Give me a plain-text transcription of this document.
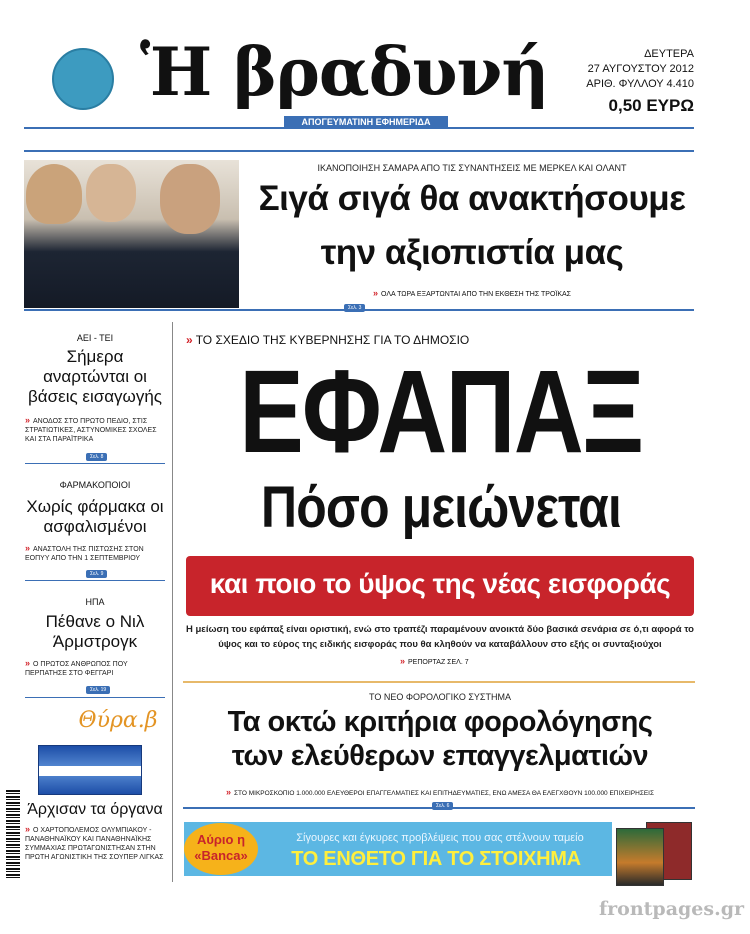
Ἡ βραδυνή
ΑΠΟΓΕΥΜΑΤΙΝΗ ΕΦΗΜΕΡΙΔΑ
ΔΕΥΤΕΡΑ
27 ΑΥΓΟΥΣΤΟΥ 2012
ΑΡΙΘ. ΦΥΛΛΟΥ 4.410
0,50 ΕΥΡΩ
ΙΚΑΝΟΠΟΙΗΣΗ ΣΑΜΑΡΑ ΑΠΟ ΤΙΣ ΣΥΝΑΝΤΗΣΕΙΣ ΜΕ ΜΕΡΚΕΛ ΚΑΙ ΟΛΑΝΤ
Σιγά σιγά θα ανακτήσουμε
την αξιοπιστία μας
» ΟΛΑ ΤΩΡΑ ΕΞΑΡΤΩΝΤΑΙ ΑΠΟ ΤΗΝ ΕΚΘΕΣΗ ΤΗΣ ΤΡΟΪΚΑΣ
Σελ. 3
ΑΕΙ - ΤΕΙ
Σήμερα αναρτώνται οι βάσεις εισαγωγής
» ΑΝΟΔΟΣ ΣΤΟ ΠΡΩΤΟ ΠΕΔΙΟ, ΣΤΙΣ ΣΤΡΑΤΙΩΤΙΚΕΣ, ΑΣΤΥΝΟΜΙΚΕΣ ΣΧΟΛΕΣ ΚΑΙ ΣΤΑ ΠΑΡΑΪΤΡΙΚΑ
Σελ. 8
ΦΑΡΜΑΚΟΠΟΙΟΙ
Χωρίς φάρμακα οι ασφαλισμένοι
» ΑΝΑΣΤΟΛΗ ΤΗΣ ΠΙΣΤΩΣΗΣ ΣΤΟΝ ΕΟΠΥΥ ΑΠΟ ΤΗΝ 1 ΣΕΠΤΕΜΒΡΙΟΥ
Σελ. 9
ΗΠΑ
Πέθανε ο Νιλ Άρμστρογκ
» Ο ΠΡΩΤΟΣ ΑΝΘΡΩΠΟΣ ΠΟΥ ΠΕΡΠΑΤΗΣΕ ΣΤΟ ΦΕΓΓΑΡΙ
Σελ. 19
Θύρα.β
Άρχισαν τα όργανα
» Ο ΧΑΡΤΟΠΟΛΕΜΟΣ ΟΛΥΜΠΙΑΚΟΥ - ΠΑΝΑΘΗΝΑΪΚΟΥ ΚΑΙ ΠΑΝΑΘΗΝΑΪΚΗΣ ΣΥΜΜΑΧΙΑΣ ΠΡΩΤΑΓΩΝΙΣΤΗΣΑΝ ΣΤΗΝ ΠΡΩΤΗ ΑΓΩΝΙΣΤΙΚΗ ΤΗΣ ΣΟΥΠΕΡ ΛΙΓΚΑΣ
» ΤΟ ΣΧΕΔΙΟ ΤΗΣ ΚΥΒΕΡΝΗΣΗΣ ΓΙΑ ΤΟ ΔΗΜΟΣΙΟ
ΕΦΑΠΑΞ
Πόσο μειώνεται
και ποιο το ύψος της νέας εισφοράς
Η μείωση του εφάπαξ είναι οριστική, ενώ στο τραπέζι παραμένουν ανοικτά δύο βασικά σενάρια σε ό,τι αφορά το ύψος και το εύρος της ειδικής εισφοράς που θα κληθούν να καταβάλλουν στο εξής οι συνταξιούχοι
» ΡΕΠΟΡΤΑΖ ΣΕΛ. 7
ΤΟ ΝΕΟ ΦΟΡΟΛΟΓΙΚΟ ΣΥΣΤΗΜΑ
Τα οκτώ κριτήρια φορολόγησης
των ελεύθερων επαγγελματιών
» ΣΤΟ ΜΙΚΡΟΣΚΟΠΙΟ 1.000.000 ΕΛΕΥΘΕΡΟΙ ΕΠΑΓΓΕΛΜΑΤΙΕΣ ΚΑΙ ΕΠΙΤΗΔΕΥΜΑΤΙΕΣ, ΕΝΩ ΑΜΕΣΑ ΘΑ ΕΛΕΓΧΘΟΥΝ 100.000 ΕΠΙΧΕΙΡΗΣΕΙΣ
Σελ. 6
Αύριο η
«Banca»
Σίγουρες και έγκυρες προβλέψεις που σας στέλνουν ταμείο
ΤΟ ΕΝΘΕΤΟ ΓΙΑ ΤΟ ΣΤΟΙΧΗΜΑ
frontpages.gr
